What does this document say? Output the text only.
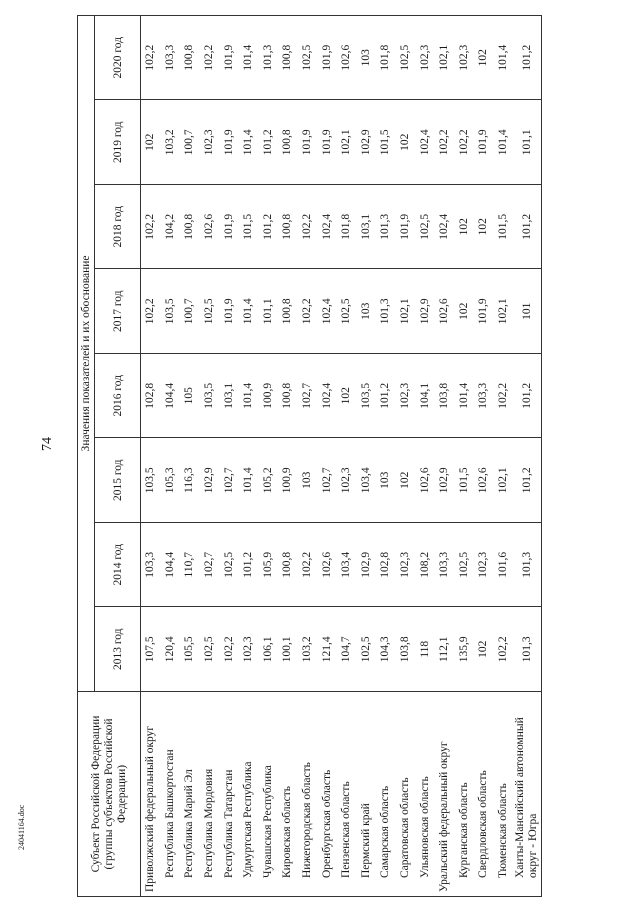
74
24041164.doc	Субъект Российской Федерации (группы субъектов Российской Федерации)	Значения показателей и их обоснование							
	2013 год	2014 год	2015 год	2016 год	2017 год	2018 год	2019 год	2020 год
Приволжский федеральный округ	107,5	103,3	103,5	102,8	102,2	102,2	102	102,2
Республика Башкортостан	120,4	104,4	105,3	104,4	103,5	104,2	103,2	103,3
Республика Марий Эл	105,5	110,7	116,3	105	100,7	100,8	100,7	100,8
Республика Мордовия	102,5	102,7	102,9	103,5	102,5	102,6	102,3	102,2
Республика Татарстан	102,2	102,5	102,7	103,1	101,9	101,9	101,9	101,9
Удмуртская Республика	102,3	101,2	101,4	101,4	101,4	101,5	101,4	101,4
Чувашская Республика	106,1	105,9	105,2	100,9	101,1	101,2	101,2	101,3
Кировская область	100,1	100,8	100,9	100,8	100,8	100,8	100,8	100,8
Нижегородская область	103,2	102,2	103	102,7	102,2	102,2	101,9	102,5
Оренбургская область	121,4	102,6	102,7	102,4	102,4	102,4	101,9	101,9
Пензенская область	104,7	103,4	102,3	102	102,5	101,8	102,1	102,6
Пермский край	102,5	102,9	103,4	103,5	103	103,1	102,9	103
Самарская область	104,3	102,8	103	101,2	101,3	101,3	101,5	101,8
Саратовская область	103,8	102,3	102	102,3	102,1	101,9	102	102,5
Ульяновская область	118	108,2	102,6	104,1	102,9	102,5	102,4	102,3
Уральский федеральный округ	112,1	103,3	102,9	103,8	102,6	102,4	102,2	102,1
Курганская область	135,9	102,5	101,5	101,4	102	102	102,2	102,3
Свердловская область	102	102,3	102,6	103,3	101,9	102	101,9	102
Тюменская область	102,2	101,6	102,1	102,2	102,1	101,5	101,4	101,4
Ханты-Мансийский автономный округ - Югра	101,3	101,3	101,2	101,2	101	101,2	101,1	101,2
